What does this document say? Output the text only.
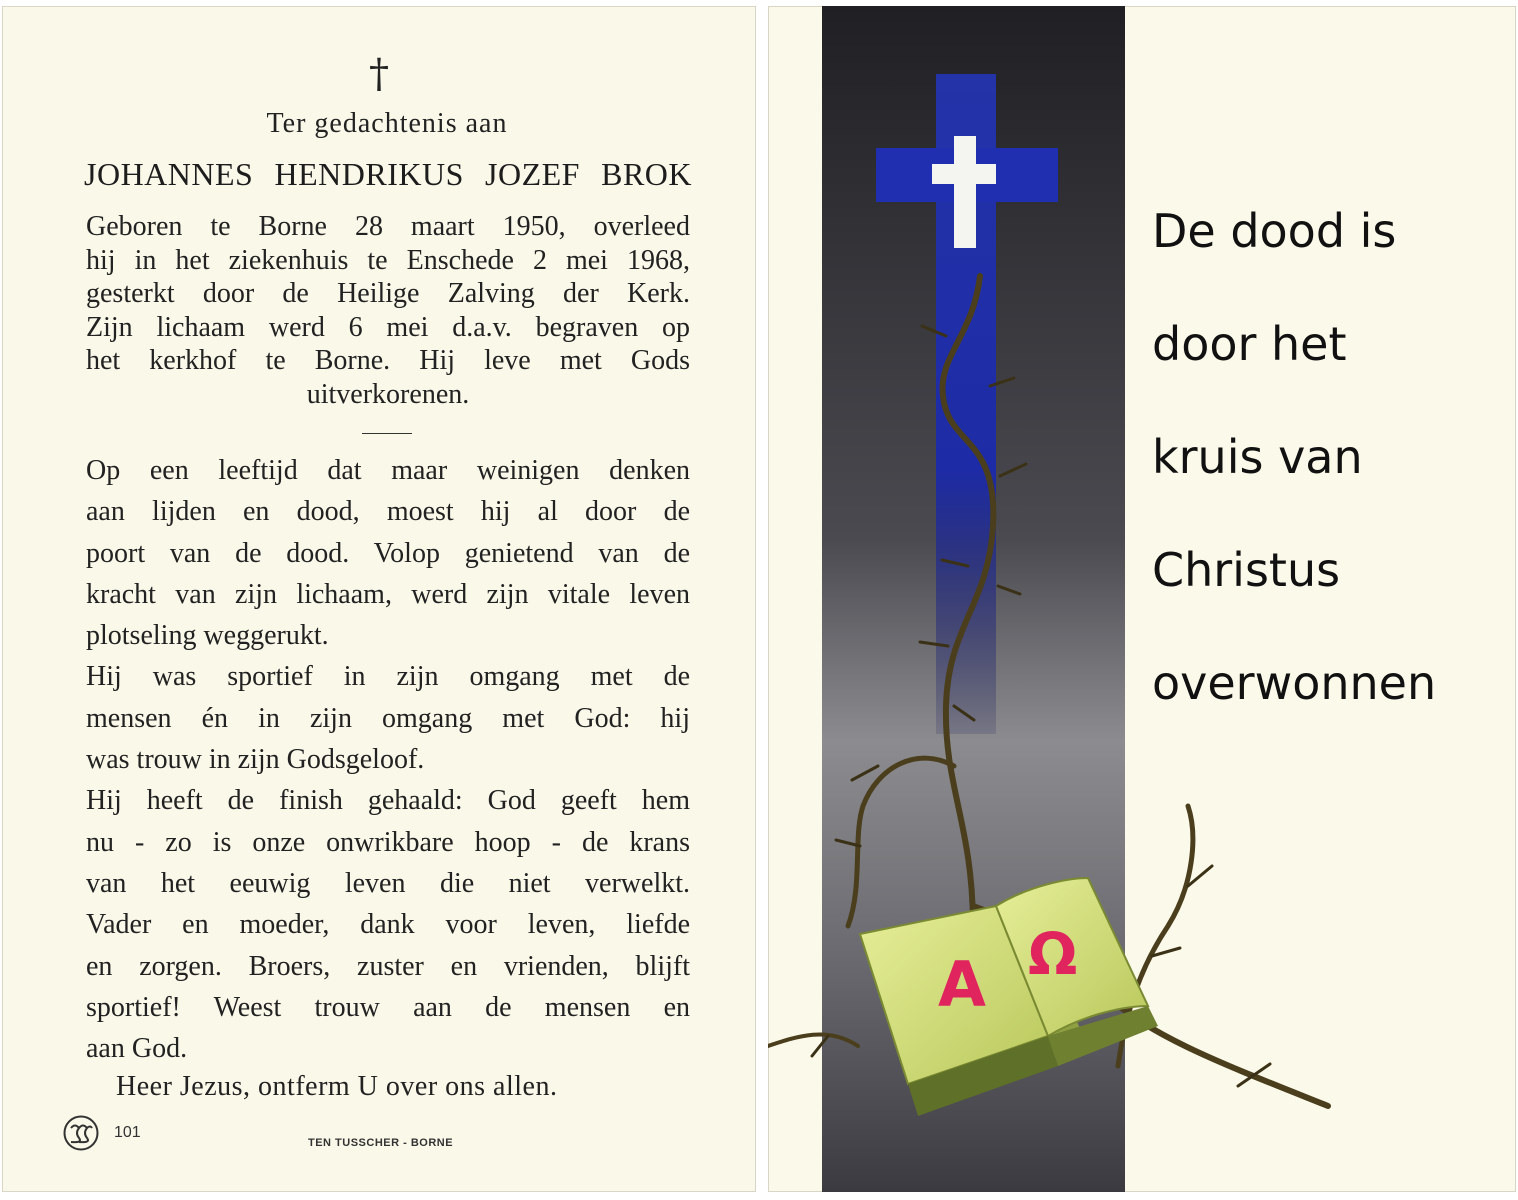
†
Ter gedachtenis aan
JOHANNES HENDRIKUS JOZEF BROK
Geboren te Borne 28 maart 1950, overleed
hij in het ziekenhuis te Enschede 2 mei 1968,
gesterkt door de Heilige Zalving der Kerk.
Zijn lichaam werd 6 mei d.a.v. begraven op
het kerkhof te Borne. Hij leve met Gods
uitverkorenen.
Op een leeftijd dat maar weinigen denken
aan lijden en dood, moest hij al door de
poort van de dood. Volop genietend van de
kracht van zijn lichaam, werd zijn vitale leven
plotseling weggerukt.
Hij was sportief in zijn omgang met de
mensen én in zijn omgang met God: hij
was trouw in zijn Godsgeloof.
Hij heeft de finish gehaald: God geeft hem
nu - zo is onze onwrikbare hoop - de krans
van het eeuwig leven die niet verwelkt.
Vader en moeder, dank voor leven, liefde
en zorgen. Broers, zuster en vrienden, blijft
sportief! Weest trouw aan de mensen en
aan God.
Heer Jezus, ontferm U over ons allen.
101
TEN TUSSCHER - BORNE
A Ω
De dood is
door het
kruis van
Christus
overwonnen
